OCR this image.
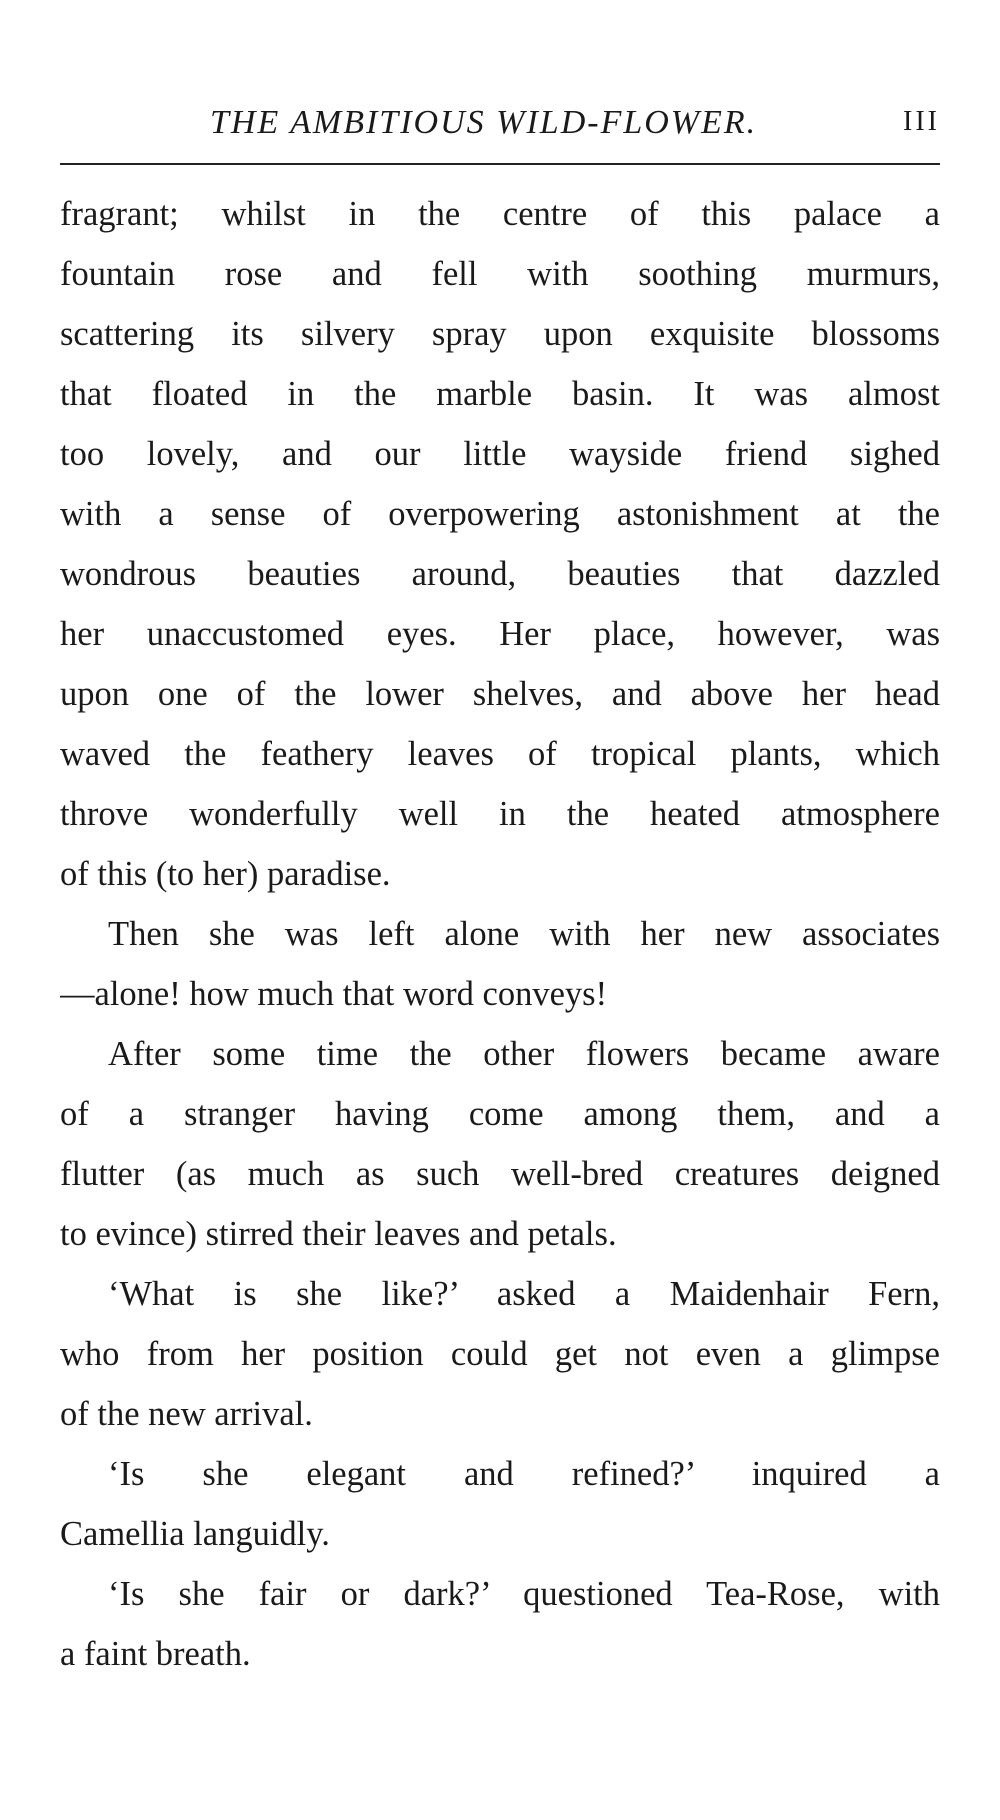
THE AMBITIOUS WILD-FLOWER.	III
fragrant; whilst in the centre of this palace a
fountain rose and fell with soothing murmurs,
scattering its silvery spray upon exquisite blossoms
that floated in the marble basin. It was almost
too lovely, and our little wayside friend sighed
with a sense of overpowering astonishment at the
wondrous beauties around, beauties that dazzled
her unaccustomed eyes. Her place, however, was
upon one of the lower shelves, and above her head
waved the feathery leaves of tropical plants, which
throve wonderfully well in the heated atmosphere
of this (to her) paradise.
Then she was left alone with her new associates
—alone! how much that word conveys!
After some time the other flowers became aware
of a stranger having come among them, and a
flutter (as much as such well-bred creatures deigned
to evince) stirred their leaves and petals.
‘What is she like?’ asked a Maidenhair Fern,
who from her position could get not even a glimpse
of the new arrival.
‘Is she elegant and refined?’ inquired a
Camellia languidly.
‘Is she fair or dark?’ questioned Tea-Rose, with
a faint breath.
